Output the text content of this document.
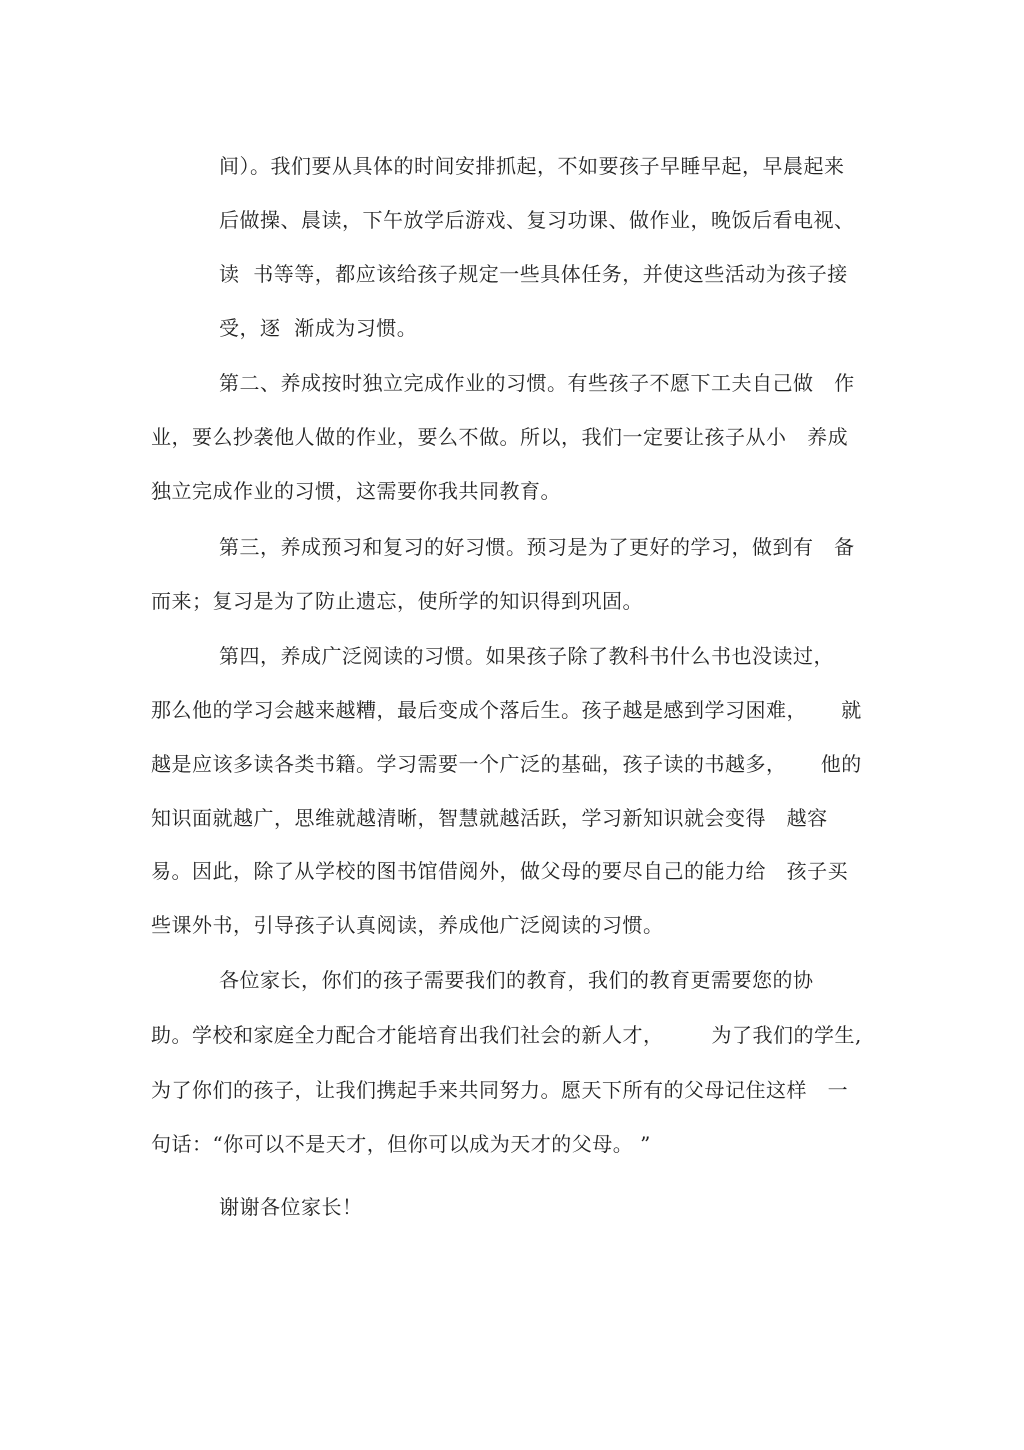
间）。我们要从具体的时间安排抓起，不如要孩子早睡早起，早晨起来
后做操、晨读，下午放学后游戏、复习功课、做作业，晚饭后看电视、
读  书等等，都应该给孩子规定一些具体任务，并使这些活动为孩子接
受，逐  渐成为习惯。
第二、养成按时独立完成作业的习惯。有些孩子不愿下工夫自己做   作
业，要么抄袭他人做的作业，要么不做。所以，我们一定要让孩子从小   养成
独立完成作业的习惯，这需要你我共同教育。
第三，养成预习和复习的好习惯。预习是为了更好的学习，做到有   备
而来；复习是为了防止遗忘，使所学的知识得到巩固。
第四，养成广泛阅读的习惯。如果孩子除了教科书什么书也没读过，
那么他的学习会越来越糟，最后变成个落后生。孩子越是感到学习困难，     就
越是应该多读各类书籍。学习需要一个广泛的基础，孩子读的书越多，     他的
知识面就越广，思维就越清晰，智慧就越活跃，学习新知识就会变得   越容
易。因此，除了从学校的图书馆借阅外，做父母的要尽自己的能力给   孩子买
些课外书，引导孩子认真阅读，养成他广泛阅读的习惯。
各位家长，你们的孩子需要我们的教育，我们的教育更需要您的协
助。学校和家庭全力配合才能培育出我们社会的新人才，       为了我们的学生,
为了你们的孩子，让我们携起手来共同努力。愿天下所有的父母记住这样   一
句话：“你可以不是天才，但你可以成为天才的父母。 ”
谢谢各位家长！
